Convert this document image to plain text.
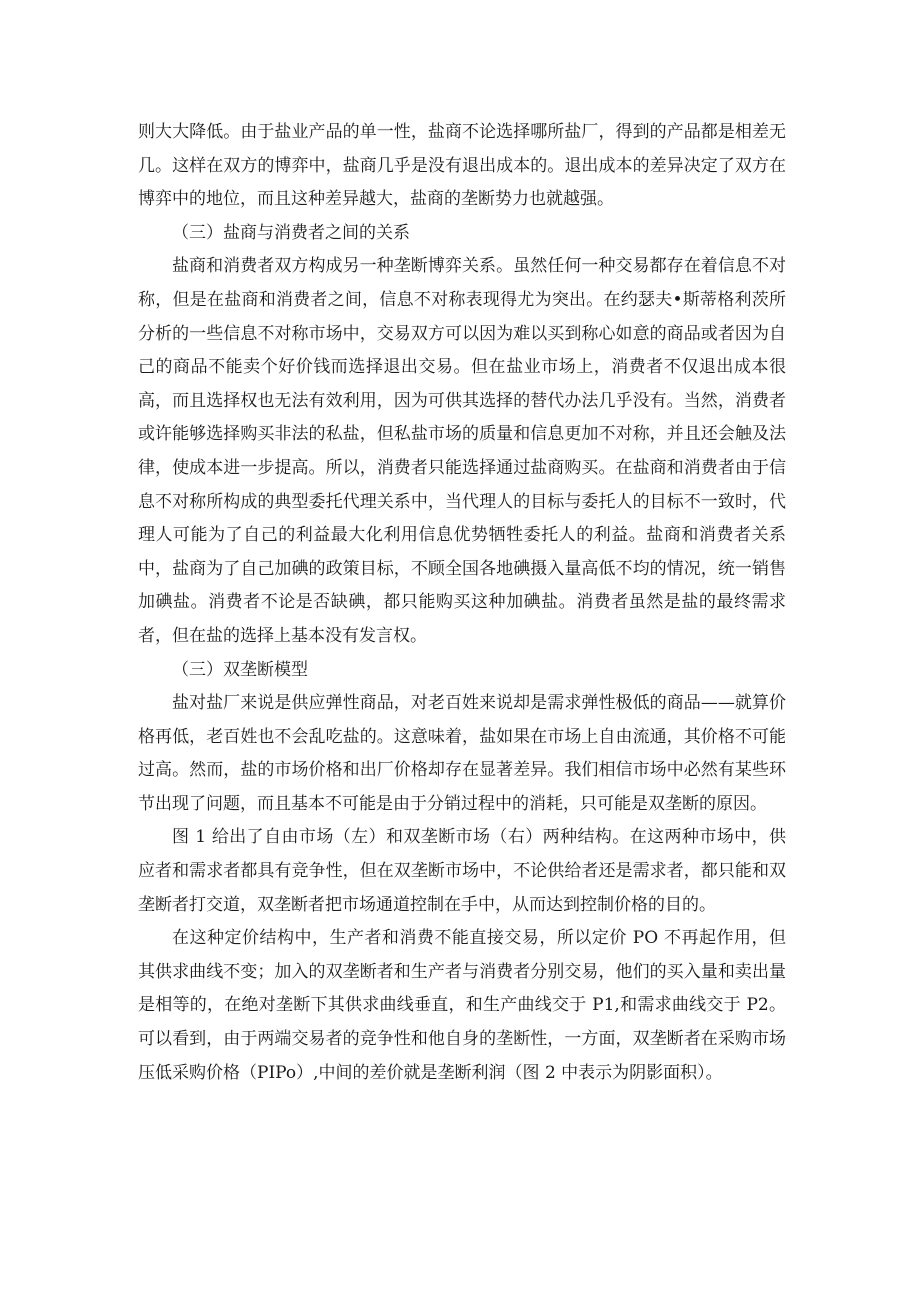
则大大降低。由于盐业产品的单一性，盐商不论选择哪所盐厂，得到的产品都是相差无几。这样在双方的博弈中，盐商几乎是没有退出成本的。退出成本的差异决定了双方在博弈中的地位，而且这种差异越大，盐商的垄断势力也就越强。

（三）盐商与消费者之间的关系

盐商和消费者双方构成另一种垄断博弈关系。虽然任何一种交易都存在着信息不对称，但是在盐商和消费者之间，信息不对称表现得尤为突出。在约瑟夫•斯蒂格利茨所分析的一些信息不对称市场中，交易双方可以因为难以买到称心如意的商品或者因为自己的商品不能卖个好价钱而选择退出交易。但在盐业市场上，消费者不仅退出成本很高，而且选择权也无法有效利用，因为可供其选择的替代办法几乎没有。当然，消费者或许能够选择购买非法的私盐，但私盐市场的质量和信息更加不对称，并且还会触及法律，使成本进一步提高。所以，消费者只能选择通过盐商购买。在盐商和消费者由于信息不对称所构成的典型委托代理关系中，当代理人的目标与委托人的目标不一致时，代理人可能为了自己的利益最大化利用信息优势牺牲委托人的利益。盐商和消费者关系中，盐商为了自己加碘的政策目标，不顾全国各地碘摄入量高低不均的情况，统一销售加碘盐。消费者不论是否缺碘，都只能购买这种加碘盐。消费者虽然是盐的最终需求者，但在盐的选择上基本没有发言权。

（三）双垄断模型

盐对盐厂来说是供应弹性商品，对老百姓来说却是需求弹性极低的商品——就算价格再低，老百姓也不会乱吃盐的。这意味着，盐如果在市场上自由流通，其价格不可能过高。然而，盐的市场价格和出厂价格却存在显著差异。我们相信市场中必然有某些环节出现了问题，而且基本不可能是由于分销过程中的消耗，只可能是双垄断的原因。

图 1 给出了自由市场（左）和双垄断市场（右）两种结构。在这两种市场中，供应者和需求者都具有竞争性，但在双垄断市场中，不论供给者还是需求者，都只能和双垄断者打交道，双垄断者把市场通道控制在手中，从而达到控制价格的目的。

在这种定价结构中，生产者和消费不能直接交易，所以定价 PO 不再起作用，但其供求曲线不变；加入的双垄断者和生产者与消费者分别交易，他们的买入量和卖出量是相等的，在绝对垄断下其供求曲线垂直，和生产曲线交于 P1,和需求曲线交于 P2。可以看到，由于两端交易者的竞争性和他自身的垄断性，一方面，双垄断者在采购市场压低采购价格（PIPo）,中间的差价就是垄断利润（图 2 中表示为阴影面积）。
